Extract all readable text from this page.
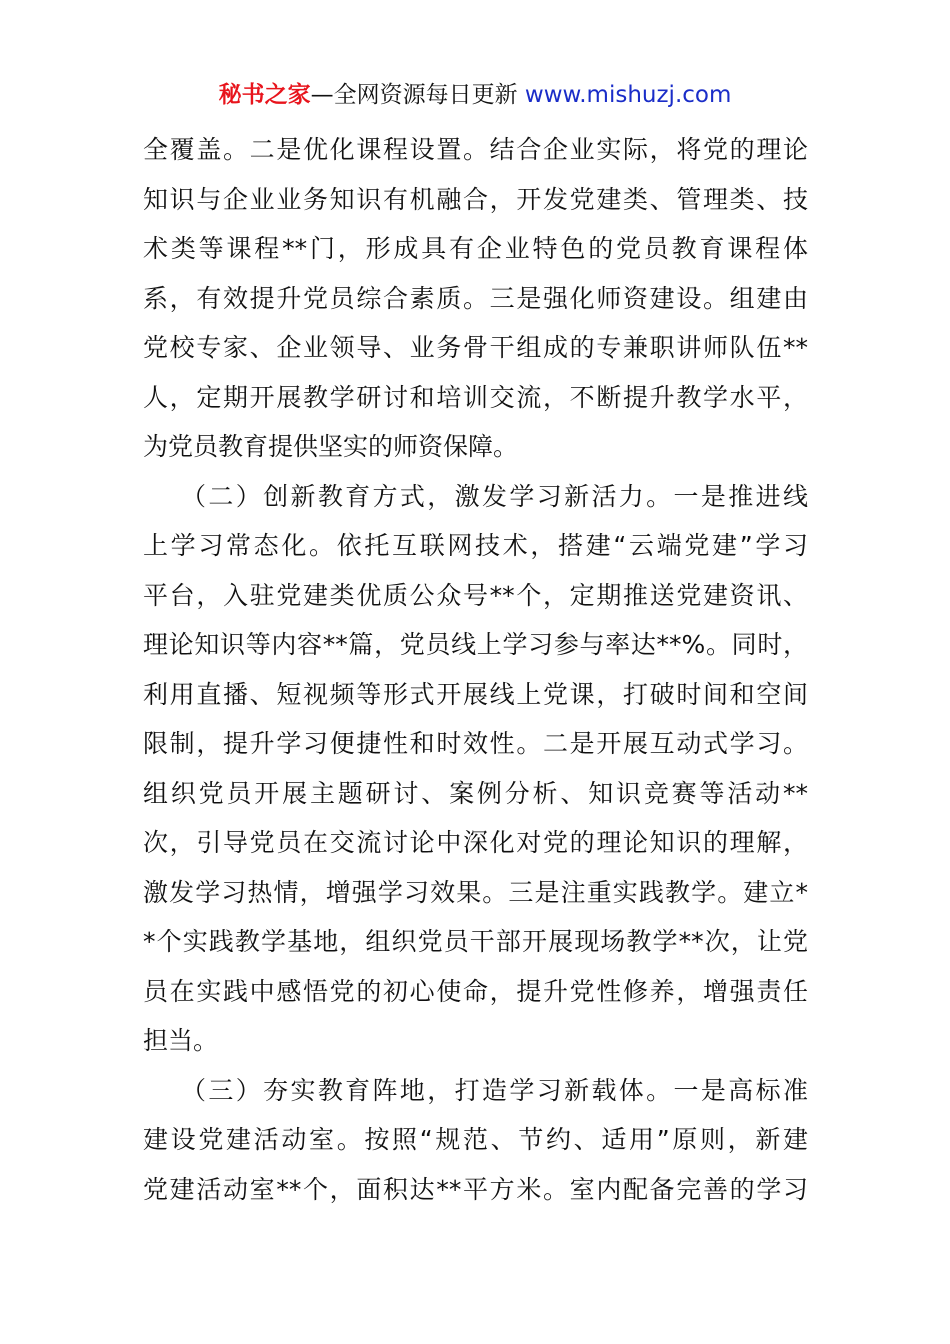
秘书之家—全网资源每日更新 www.mishuzj.com
全覆盖。二是优化课程设置。结合企业实际，将党的理论
知识与企业业务知识有机融合，开发党建类、管理类、技
术类等课程**门，形成具有企业特色的党员教育课程体
系，有效提升党员综合素质。三是强化师资建设。组建由
党校专家、企业领导、业务骨干组成的专兼职讲师队伍**
人，定期开展教学研讨和培训交流，不断提升教学水平，
为党员教育提供坚实的师资保障。
（二）创新教育方式，激发学习新活力。一是推进线
上学习常态化。依托互联网技术，搭建“云端党建”学习
平台，入驻党建类优质公众号**个，定期推送党建资讯、
理论知识等内容**篇，党员线上学习参与率达**%。同时，
利用直播、短视频等形式开展线上党课，打破时间和空间
限制，提升学习便捷性和时效性。二是开展互动式学习。
组织党员开展主题研讨、案例分析、知识竞赛等活动**
次，引导党员在交流讨论中深化对党的理论知识的理解，
激发学习热情，增强学习效果。三是注重实践教学。建立*
*个实践教学基地，组织党员干部开展现场教学**次，让党
员在实践中感悟党的初心使命，提升党性修养，增强责任
担当。
（三）夯实教育阵地，打造学习新载体。一是高标准
建设党建活动室。按照“规范、节约、适用”原则，新建
党建活动室**个，面积达**平方米。室内配备完善的学习
